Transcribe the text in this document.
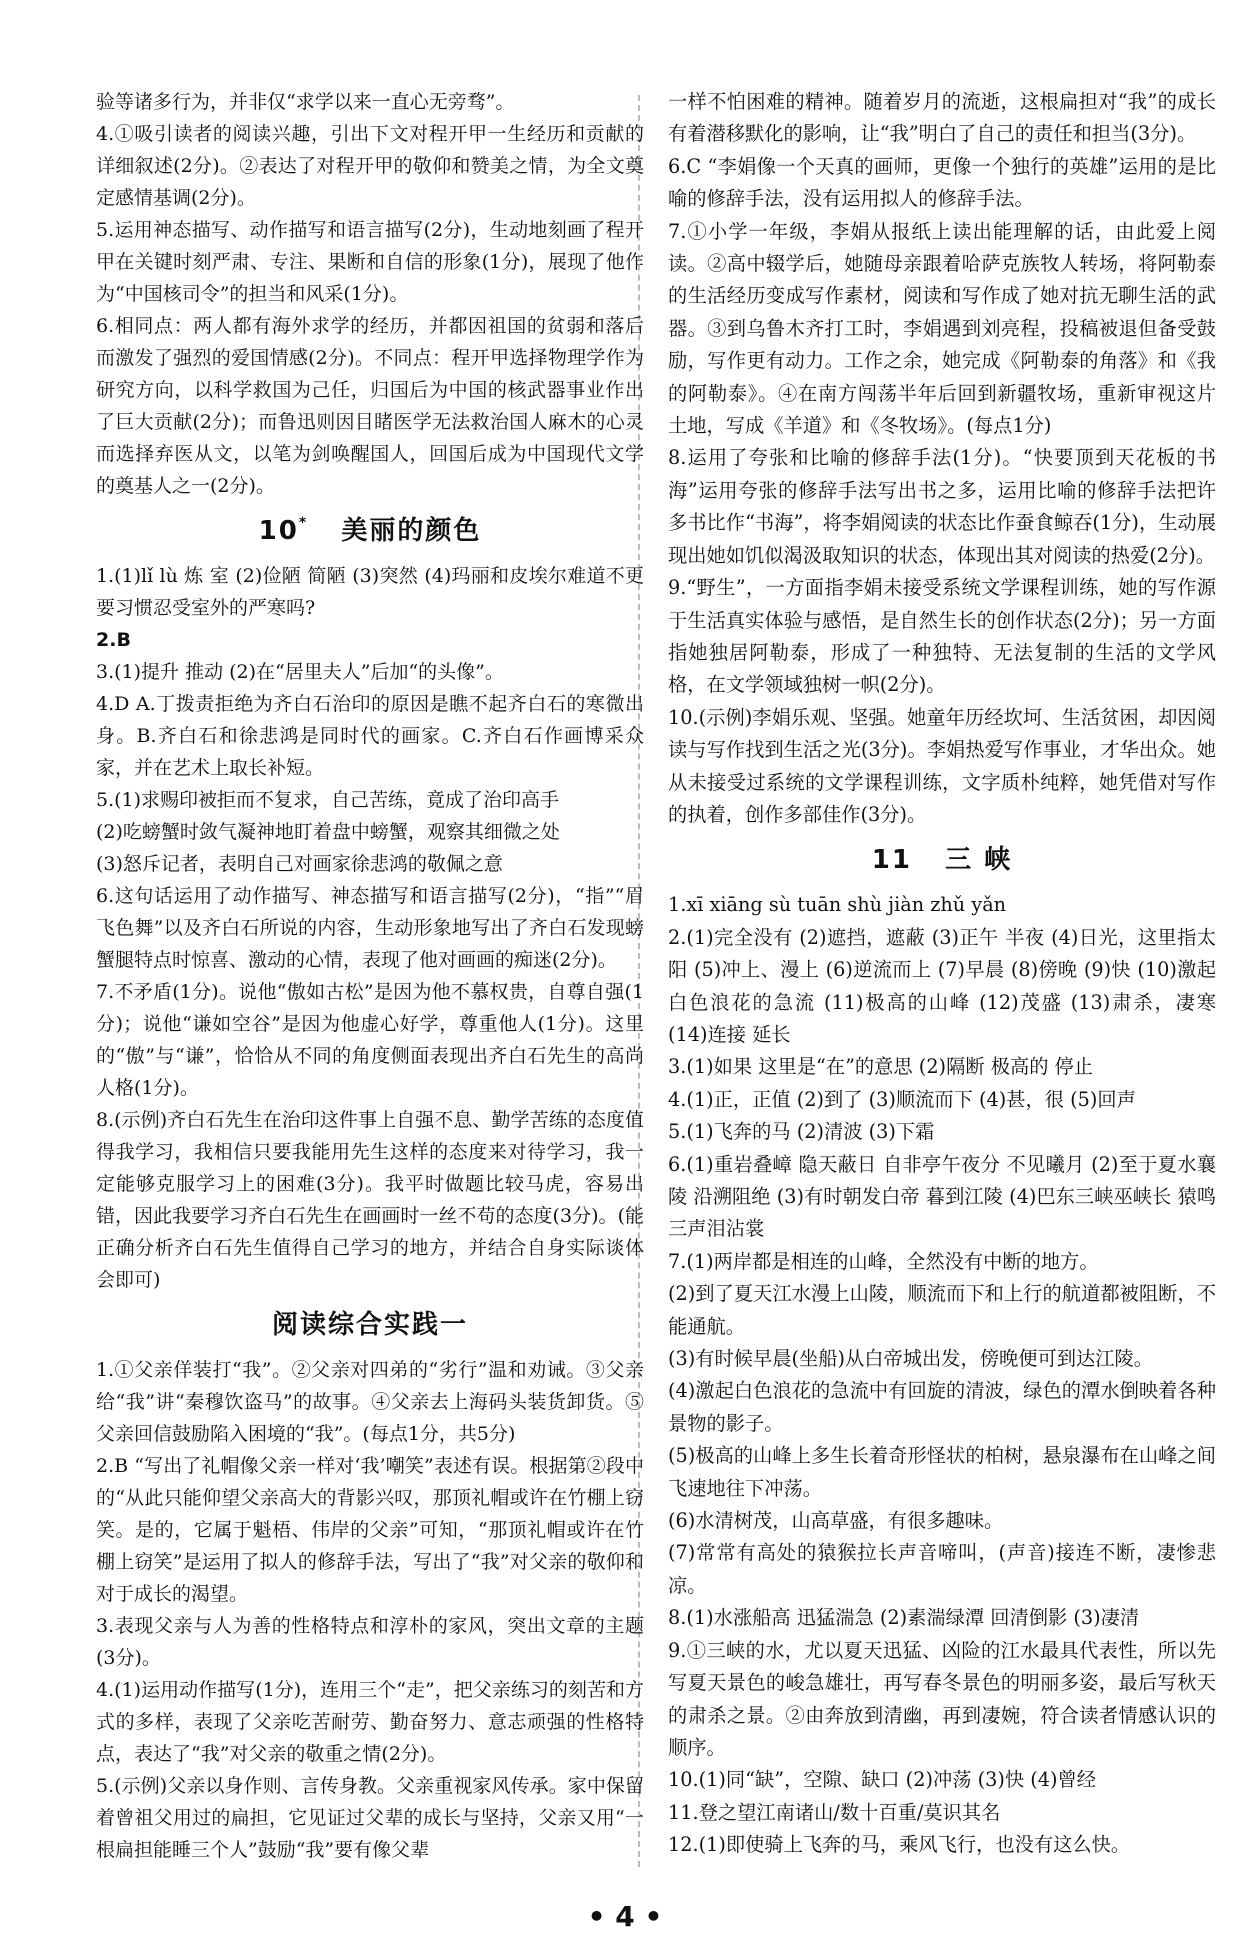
验等诸多行为，并非仅“求学以来一直心无旁骛”。

4.①吸引读者的阅读兴趣，引出下文对程开甲一生经历和贡献的详细叙述(2分)。②表达了对程开甲的敬仰和赞美之情，为全文奠定感情基调(2分)。

5.运用神态描写、动作描写和语言描写(2分)，生动地刻画了程开甲在关键时刻严肃、专注、果断和自信的形象(1分)，展现了他作为“中国核司令”的担当和风采(1分)。

6.相同点：两人都有海外求学的经历，并都因祖国的贫弱和落后而激发了强烈的爱国情感(2分)。不同点：程开甲选择物理学作为研究方向，以科学救国为己任，归国后为中国的核武器事业作出了巨大贡献(2分)；而鲁迅则因目睹医学无法救治国人麻木的心灵而选择弃医从文，以笔为剑唤醒国人，回国后成为中国现代文学的奠基人之一(2分)。

10* 美丽的颜色

1.(1)lǐ lù 炼 室 (2)俭陋 简陋 (3)突然 (4)玛丽和皮埃尔难道不更要习惯忍受室外的严寒吗?

2.B

3.(1)提升 推动 (2)在“居里夫人”后加“的头像”。

4.D A.丁拨责拒绝为齐白石治印的原因是瞧不起齐白石的寒微出身。B.齐白石和徐悲鸿是同时代的画家。C.齐白石作画博采众家，并在艺术上取长补短。

5.(1)求赐印被拒而不复求，自己苦练，竟成了治印高手

(2)吃螃蟹时敛气凝神地盯着盘中螃蟹，观察其细微之处

(3)怒斥记者，表明自己对画家徐悲鸿的敬佩之意

6.这句话运用了动作描写、神态描写和语言描写(2分)，“指”“眉飞色舞”以及齐白石所说的内容，生动形象地写出了齐白石发现螃蟹腿特点时惊喜、激动的心情，表现了他对画画的痴迷(2分)。

7.不矛盾(1分)。说他“傲如古松”是因为他不慕权贵，自尊自强(1分)；说他“谦如空谷”是因为他虚心好学，尊重他人(1分)。这里的“傲”与“谦”，恰恰从不同的角度侧面表现出齐白石先生的高尚人格(1分)。

8.(示例)齐白石先生在治印这件事上自强不息、勤学苦练的态度值得我学习，我相信只要我能用先生这样的态度来对待学习，我一定能够克服学习上的困难(3分)。我平时做题比较马虎，容易出错，因此我要学习齐白石先生在画画时一丝不苟的态度(3分)。(能正确分析齐白石先生值得自己学习的地方，并结合自身实际谈体会即可)

阅读综合实践一

1.①父亲佯装打“我”。②父亲对四弟的“劣行”温和劝诫。③父亲给“我”讲“秦穆饮盗马”的故事。④父亲去上海码头装货卸货。⑤父亲回信鼓励陷入困境的“我”。(每点1分，共5分)

2.B “写出了礼帽像父亲一样对‘我’嘲笑”表述有误。根据第②段中的“从此只能仰望父亲高大的背影兴叹，那顶礼帽或许在竹棚上窃笑。是的，它属于魁梧、伟岸的父亲”可知，“那顶礼帽或许在竹棚上窃笑”是运用了拟人的修辞手法，写出了“我”对父亲的敬仰和对于成长的渴望。

3.表现父亲与人为善的性格特点和淳朴的家风，突出文章的主题(3分)。

4.(1)运用动作描写(1分)，连用三个“走”，把父亲练习的刻苦和方式的多样，表现了父亲吃苦耐劳、勤奋努力、意志顽强的性格特点，表达了“我”对父亲的敬重之情(2分)。

5.(示例)父亲以身作则、言传身教。父亲重视家风传承。家中保留着曾祖父用过的扁担，它见证过父辈的成长与坚持，父亲又用“一根扁担能睡三个人”鼓励“我”要有像父辈

一样不怕困难的精神。随着岁月的流逝，这根扁担对“我”的成长有着潜移默化的影响，让“我”明白了自己的责任和担当(3分)。

6.C “李娟像一个天真的画师，更像一个独行的英雄”运用的是比喻的修辞手法，没有运用拟人的修辞手法。

7.①小学一年级，李娟从报纸上读出能理解的话，由此爱上阅读。②高中辍学后，她随母亲跟着哈萨克族牧人转场，将阿勒泰的生活经历变成写作素材，阅读和写作成了她对抗无聊生活的武器。③到乌鲁木齐打工时，李娟遇到刘亮程，投稿被退但备受鼓励，写作更有动力。工作之余，她完成《阿勒泰的角落》和《我的阿勒泰》。④在南方闯荡半年后回到新疆牧场，重新审视这片土地，写成《羊道》和《冬牧场》。(每点1分)

8.运用了夸张和比喻的修辞手法(1分)。“快要顶到天花板的书海”运用夸张的修辞手法写出书之多，运用比喻的修辞手法把许多书比作“书海”，将李娟阅读的状态比作蚕食鲸吞(1分)，生动展现出她如饥似渴汲取知识的状态，体现出其对阅读的热爱(2分)。

9.“野生”，一方面指李娟未接受系统文学课程训练，她的写作源于生活真实体验与感悟，是自然生长的创作状态(2分)；另一方面指她独居阿勒泰，形成了一种独特、无法复制的生活的文学风格，在文学领域独树一帜(2分)。

10.(示例)李娟乐观、坚强。她童年历经坎坷、生活贫困，却因阅读与写作找到生活之光(3分)。李娟热爱写作事业，才华出众。她从未接受过系统的文学课程训练，文字质朴纯粹，她凭借对写作的执着，创作多部佳作(3分)。

11 三 峡

1.xī xiāng sù tuān shù jiàn zhǔ yǎn

2.(1)完全没有 (2)遮挡，遮蔽 (3)正午 半夜 (4)日光，这里指太阳 (5)冲上、漫上 (6)逆流而上 (7)早晨 (8)傍晚 (9)快 (10)激起白色浪花的急流 (11)极高的山峰 (12)茂盛 (13)肃杀，凄寒 (14)连接 延长

3.(1)如果 这里是“在”的意思 (2)隔断 极高的 停止

4.(1)正，正值 (2)到了 (3)顺流而下 (4)甚，很 (5)回声

5.(1)飞奔的马 (2)清波 (3)下霜

6.(1)重岩叠嶂 隐天蔽日 自非亭午夜分 不见曦月 (2)至于夏水襄陵 沿溯阻绝 (3)有时朝发白帝 暮到江陵 (4)巴东三峡巫峡长 猿鸣三声泪沾裳

7.(1)两岸都是相连的山峰，全然没有中断的地方。

(2)到了夏天江水漫上山陵，顺流而下和上行的航道都被阻断，不能通航。

(3)有时候早晨(坐船)从白帝城出发，傍晚便可到达江陵。

(4)激起白色浪花的急流中有回旋的清波，绿色的潭水倒映着各种景物的影子。

(5)极高的山峰上多生长着奇形怪状的柏树，悬泉瀑布在山峰之间飞速地往下冲荡。

(6)水清树茂，山高草盛，有很多趣味。

(7)常常有高处的猿猴拉长声音啼叫，(声音)接连不断，凄惨悲凉。

8.(1)水涨船高 迅猛湍急 (2)素湍绿潭 回清倒影 (3)凄清

9.①三峡的水，尤以夏天迅猛、凶险的江水最具代表性，所以先写夏天景色的峻急雄壮，再写春冬景色的明丽多姿，最后写秋天的肃杀之景。②由奔放到清幽，再到凄婉，符合读者情感认识的顺序。

10.(1)同“缺”，空隙、缺口 (2)冲荡 (3)快 (4)曾经

11.登之望江南诸山/数十百重/莫识其名

12.(1)即使骑上飞奔的马，乘风飞行，也没有这么快。

• 4 •
